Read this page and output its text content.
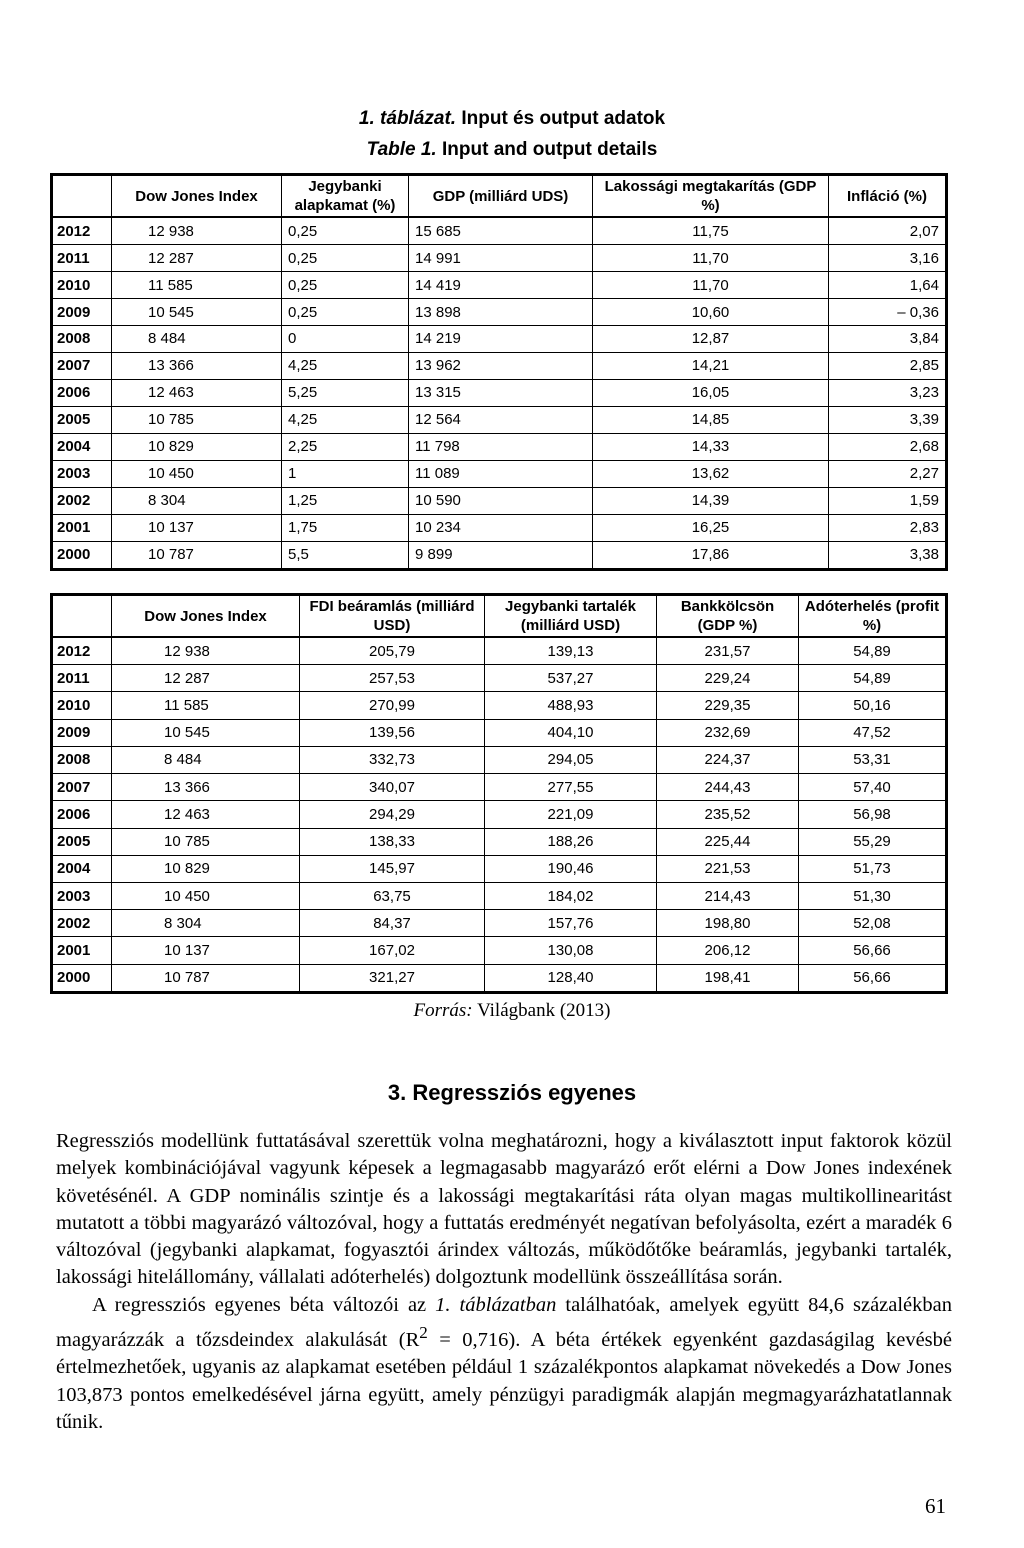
1. táblázat. Input és output adatok
Table 1. Input and output details
	Dow Jones Index	Jegybanki alapkamat (%)	GDP (milliárd UDS)	Lakossági megtakarítás (GDP %)	Infláció (%)
2012	12 938	0,25	15 685	11,75	2,07
2011	12 287	0,25	14 991	11,70	3,16
2010	11 585	0,25	14 419	11,70	1,64
2009	10 545	0,25	13 898	10,60	– 0,36
2008	8 484	0	14 219	12,87	3,84
2007	13 366	4,25	13 962	14,21	2,85
2006	12 463	5,25	13 315	16,05	3,23
2005	10 785	4,25	12 564	14,85	3,39
2004	10 829	2,25	11 798	14,33	2,68
2003	10 450	1	11 089	13,62	2,27
2002	8 304	1,25	10 590	14,39	1,59
2001	10 137	1,75	10 234	16,25	2,83
2000	10 787	5,5	9 899	17,86	3,38
	Dow Jones Index	FDI beáramlás (milliárd USD)	Jegybanki tartalék (milliárd USD)	Bankkölcsön (GDP %)	Adóterhelés (profit %)
2012	12 938	205,79	139,13	231,57	54,89
2011	12 287	257,53	537,27	229,24	54,89
2010	11 585	270,99	488,93	229,35	50,16
2009	10 545	139,56	404,10	232,69	47,52
2008	8 484	332,73	294,05	224,37	53,31
2007	13 366	340,07	277,55	244,43	57,40
2006	12 463	294,29	221,09	235,52	56,98
2005	10 785	138,33	188,26	225,44	55,29
2004	10 829	145,97	190,46	221,53	51,73
2003	10 450	63,75	184,02	214,43	51,30
2002	8 304	84,37	157,76	198,80	52,08
2001	10 137	167,02	130,08	206,12	56,66
2000	10 787	321,27	128,40	198,41	56,66
Forrás: Világbank (2013)
3. Regressziós egyenes

Regressziós modellünk futtatásával szerettük volna meghatározni, hogy a kiválasztott input faktorok közül melyek kombinációjával vagyunk képesek a legmagasabb magyarázó erőt elérni a Dow Jones indexének követésénél. A GDP nominális szintje és a lakossági megtakarítási ráta olyan magas multikollinearitást mutatott a többi magyarázó változóval, hogy a futtatás eredményét negatívan befolyásolta, ezért a maradék 6 változóval (jegybanki alapkamat, fogyasztói árindex változás, működőtőke beáramlás, jegybanki tartalék, lakossági hitelállomány, vállalati adóterhelés) dolgoztunk modellünk összeállítása során.

A regressziós egyenes béta változói az 1. táblázatban találhatóak, amelyek együtt 84,6 százalékban magyarázzák a tőzsdeindex alakulását $(R^2 = 0,716)$. A béta értékek egyenként gazdaságilag kevésbé értelmezhetőek, ugyanis az alapkamat esetében például 1 százalékpontos alapkamat növekedés a Dow Jones 103,873 pontos emelkedésével járna együtt, amely pénzügyi paradigmák alapján megmagyarázhatatlannak tűnik.

61
